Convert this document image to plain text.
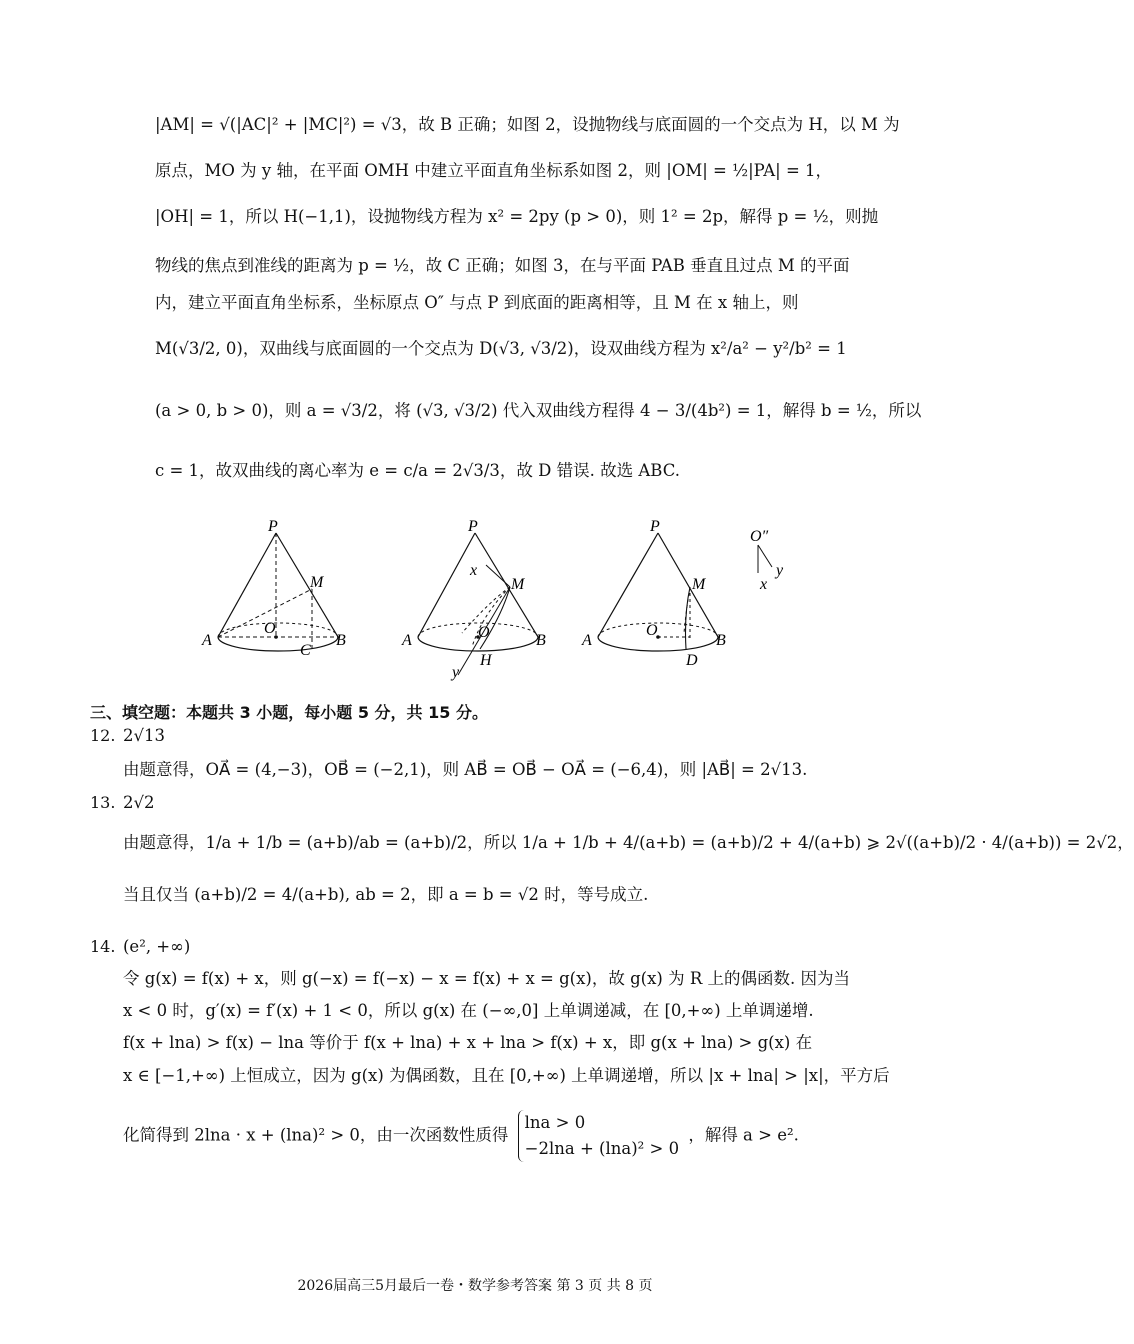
|AM| = √(|AC|² + |MC|²) = √3，故 B 正确；如图 2，设抛物线与底面圆的一个交点为 H，以 M 为
原点，MO 为 y 轴，在平面 OMH 中建立平面直角坐标系如图 2，则 |OM| = ½|PA| = 1，
|OH| = 1，所以 H(−1,1)，设抛物线方程为 x² = 2py (p > 0)，则 1² = 2p，解得 p = ½，则抛
物线的焦点到准线的距离为 p = ½，故 C 正确；如图 3，在与平面 PAB 垂直且过点 M 的平面
内，建立平面直角坐标系，坐标原点 O″ 与点 P 到底面的距离相等，且 M 在 x 轴上，则
M(√3/2, 0)，双曲线与底面圆的一个交点为 D(√3, √3/2)，设双曲线方程为 x²/a² − y²/b² = 1
(a > 0, b > 0)，则 a = √3/2，将 (√3, √3/2) 代入双曲线方程得 4 − 3/(4b²) = 1，解得 b = ½，所以
c = 1，故双曲线的离心率为 e = c/a = 2√3/3，故 D 错误. 故选 ABC.
P
M
O
A	B
C
P
x
M
O
A	B
H
y
P
M
O
A	B
D
O″
y
x
三、填空题：本题共 3 小题，每小题 5 分，共 15 分。
12. 2√13
由题意得，OA⃗ = (4,−3)，OB⃗ = (−2,1)，则 AB⃗ = OB⃗ − OA⃗ = (−6,4)，则 |AB⃗| = 2√13.
13. 2√2
由题意得，1/a + 1/b = (a+b)/ab = (a+b)/2，所以 1/a + 1/b + 4/(a+b) = (a+b)/2 + 4/(a+b) ⩾ 2√((a+b)/2 · 4/(a+b)) = 2√2，
当且仅当 (a+b)/2 = 4/(a+b), ab = 2，即 a = b = √2 时，等号成立.
14. (e², +∞)
令 g(x) = f(x) + x，则 g(−x) = f(−x) − x = f(x) + x = g(x)，故 g(x) 为 R 上的偶函数. 因为当
x < 0 时，g′(x) = f′(x) + 1 < 0，所以 g(x) 在 (−∞,0] 上单调递减，在 [0,+∞) 上单调递增.
f(x + lna) > f(x) − lna 等价于 f(x + lna) + x + lna > f(x) + x，即 g(x + lna) > g(x) 在
x ∈ [−1,+∞) 上恒成立，因为 g(x) 为偶函数，且在 [0,+∞) 上单调递增，所以 |x + lna| > |x|，平方后
化简得到 2lna · x + (lna)² > 0，由一次函数性质得
lna > 0
−2lna + (lna)² > 0
，解得 a > e².
2026届高三5月最后一卷・数学参考答案 第 3 页 共 8 页
